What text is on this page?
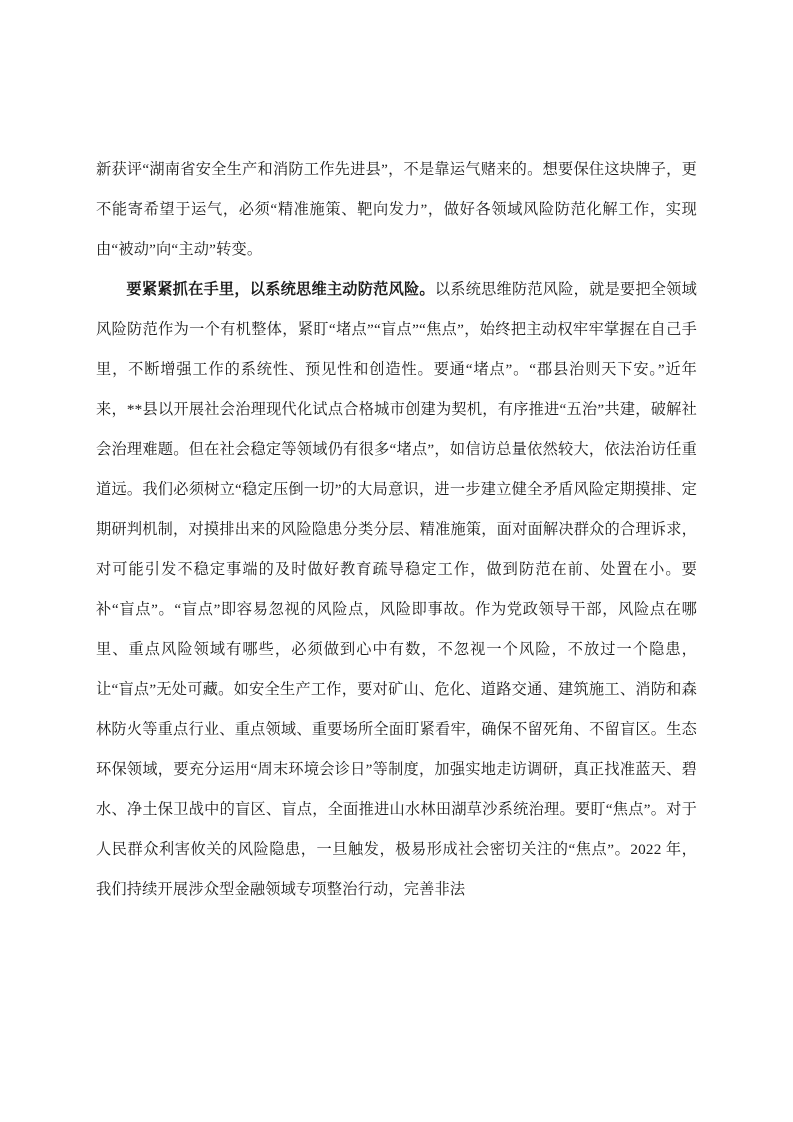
新获评“湖南省安全生产和消防工作先进县”，不是靠运气赌来的。想要保住这块牌子，更不能寄希望于运气，必须“精准施策、靶向发力”，做好各领域风险防范化解工作，实现由“被动”向“主动”转变。

要紧紧抓在手里，以系统思维主动防范风险。以系统思维防范风险，就是要把全领域风险防范作为一个有机整体，紧盯“堵点”“盲点”“焦点”，始终把主动权牢牢掌握在自己手里，不断增强工作的系统性、预见性和创造性。要通“堵点”。“郡县治则天下安。”近年来，**县以开展社会治理现代化试点合格城市创建为契机，有序推进“五治”共建，破解社会治理难题。但在社会稳定等领域仍有很多“堵点”，如信访总量依然较大，依法治访任重道远。我们必须树立“稳定压倒一切”的大局意识，进一步建立健全矛盾风险定期摸排、定期研判机制，对摸排出来的风险隐患分类分层、精准施策，面对面解决群众的合理诉求，对可能引发不稳定事端的及时做好教育疏导稳定工作，做到防范在前、处置在小。要补“盲点”。“盲点”即容易忽视的风险点，风险即事故。作为党政领导干部，风险点在哪里、重点风险领域有哪些，必须做到心中有数，不忽视一个风险，不放过一个隐患，让“盲点”无处可藏。如安全生产工作，要对矿山、危化、道路交通、建筑施工、消防和森林防火等重点行业、重点领域、重要场所全面盯紧看牢，确保不留死角、不留盲区。生态环保领域，要充分运用“周末环境会诊日”等制度，加强实地走访调研，真正找准蓝天、碧水、净土保卫战中的盲区、盲点，全面推进山水林田湖草沙系统治理。要盯“焦点”。对于人民群众利害攸关的风险隐患，一旦触发，极易形成社会密切关注的“焦点”。2022 年，我们持续开展涉众型金融领域专项整治行动，完善非法
